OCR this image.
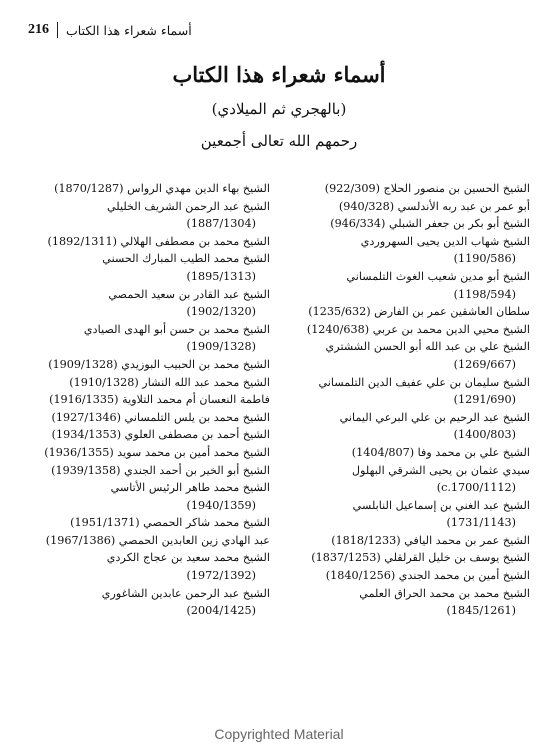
أسماء شعراء هذا الكتاب
216
أسماء شعراء هذا الكتاب
(بالهجري ثم الميلادي)
رحمهم الله تعالى أجمعين
الشيخ الحسين بن منصور الحلاج (922/309)
أبو عمر بن عبد ربه الأندلسي (940/328)
الشيخ أبو بكر بن جعفر الشبلي (946/334)
الشيخ شهاب الدين يحيى السهروردي
(1190/586)
الشيخ أبو مدين شعيب الغوث التلمساني
(1198/594)
سلطان العاشقين عمر بن الفارض (1235/632)
الشيخ محيي الدين محمد بن عربي (1240/638)
الشيخ علي بن عبد الله أبو الحسن الششتري
(1269/667)
الشيخ سليمان بن علي عفيف الدين التلمساني
(1291/690)
الشيخ عبد الرحيم بن علي البرعي اليماني
(1400/803)
الشيخ علي بن محمد وفا (1404/807)
سيدي عثمان بن يحيى الشرقي البهلول
(c.1700/1112)
الشيخ عبد الغني بن إسماعيل النابلسي
(1731/1143)
الشيخ عمر بن محمد اليافي (1818/1233)
الشيخ يوسف بن خليل القرلقلي (1837/1253)
الشيخ أمين بن محمد الجندي (1840/1256)
الشيخ محمد بن محمد الحراق العلمي
(1845/1261)
الشيخ بهاء الدين مهدي الرواس (1870/1287)
الشيخ عبد الرحمن الشريف الخليلي
(1887/1304)
الشيخ محمد بن مصطفى الهلالي (1892/1311)
الشيخ محمد الطيب المبارك الحسني
(1895/1313)
الشيخ عبد القادر بن سعيد الحمصي
(1902/1320)
الشيخ محمد بن حسن أبو الهدى الصيادي
(1909/1328)
الشيخ محمد بن الحبيب البوزيدي (1909/1328)
الشيخ محمد عبد الله النشار (1910/1328)
فاطمة النعسان أم محمد التلاوية (1916/1335)
الشيخ محمد بن يلس التلمساني (1927/1346)
الشيخ أحمد بن مصطفى العلوي (1934/1353)
الشيخ محمد أمين بن محمد سويد (1936/1355)
الشيخ أبو الخير بن أحمد الجندي (1939/1358)
الشيخ محمد طاهر الرئيس الأتاسي
(1940/1359)
الشيخ محمد شاكر الحمصي (1951/1371)
عبد الهادي زين العابدين الحمصي (1967/1386)
الشيخ محمد سعيد بن عجاج الكردي
(1972/1392)
الشيخ عبد الرحمن عابدين الشاغوري
(2004/1425)
Copyrighted Material
